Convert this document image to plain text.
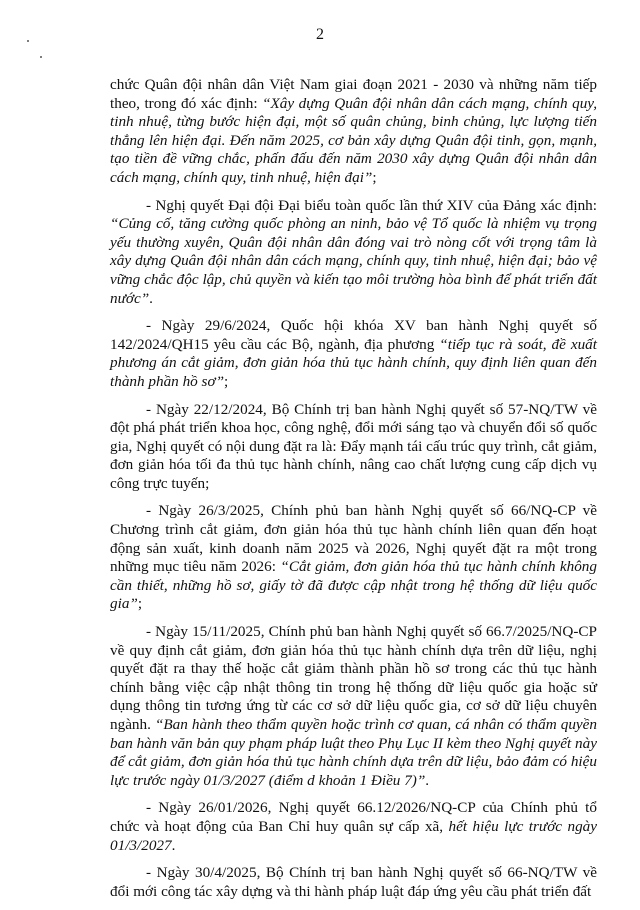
2

chức Quân đội nhân dân Việt Nam giai đoạn 2021 - 2030 và những năm tiếp theo, trong đó xác định: “Xây dựng Quân đội nhân dân cách mạng, chính quy, tinh nhuệ, từng bước hiện đại, một số quân chủng, binh chủng, lực lượng tiến thẳng lên hiện đại. Đến năm 2025, cơ bản xây dựng Quân đội tinh, gọn, mạnh, tạo tiền đề vững chắc, phấn đấu đến năm 2030 xây dựng Quân đội nhân dân cách mạng, chính quy, tinh nhuệ, hiện đại”;

- Nghị quyết Đại đội Đại biểu toàn quốc lần thứ XIV của Đảng xác định: “Củng cố, tăng cường quốc phòng an ninh, bảo vệ Tổ quốc là nhiệm vụ trọng yếu thường xuyên, Quân đội nhân dân đóng vai trò nòng cốt với trọng tâm là xây dựng Quân đội nhân dân cách mạng, chính quy, tinh nhuệ, hiện đại; bảo vệ vững chắc độc lập, chủ quyền và kiến tạo môi trường hòa bình để phát triển đất nước”.

- Ngày 29/6/2024, Quốc hội khóa XV ban hành Nghị quyết số 142/2024/QH15 yêu cầu các Bộ, ngành, địa phương “tiếp tục rà soát, đề xuất phương án cắt giảm, đơn giản hóa thủ tục hành chính, quy định liên quan đến thành phần hồ sơ”;

- Ngày 22/12/2024, Bộ Chính trị ban hành Nghị quyết số 57-NQ/TW về đột phá phát triển khoa học, công nghệ, đổi mới sáng tạo và chuyển đổi số quốc gia, Nghị quyết có nội dung đặt ra là: Đẩy mạnh tái cấu trúc quy trình, cắt giảm, đơn giản hóa tối đa thủ tục hành chính, nâng cao chất lượng cung cấp dịch vụ công trực tuyến;

- Ngày 26/3/2025, Chính phủ ban hành Nghị quyết số 66/NQ-CP về Chương trình cắt giảm, đơn giản hóa thủ tục hành chính liên quan đến hoạt động sản xuất, kinh doanh năm 2025 và 2026, Nghị quyết đặt ra một trong những mục tiêu năm 2026: “Cắt giảm, đơn giản hóa thủ tục hành chính không cần thiết, những hồ sơ, giấy tờ đã được cập nhật trong hệ thống dữ liệu quốc gia”;

- Ngày 15/11/2025, Chính phủ ban hành Nghị quyết số 66.7/2025/NQ-CP về quy định cắt giảm, đơn giản hóa thủ tục hành chính dựa trên dữ liệu, nghị quyết đặt ra thay thế hoặc cắt giảm thành phần hồ sơ trong các thủ tục hành chính bằng việc cập nhật thông tin trong hệ thống dữ liệu quốc gia hoặc sử dụng thông tin tương ứng từ các cơ sở dữ liệu quốc gia, cơ sở dữ liệu chuyên ngành. “Ban hành theo thẩm quyền hoặc trình cơ quan, cá nhân có thẩm quyền ban hành văn bản quy phạm pháp luật theo Phụ Lục II kèm theo Nghị quyết này để cắt giảm, đơn giản hóa thủ tục hành chính dựa trên dữ liệu, bảo đảm có hiệu lực trước ngày 01/3/2027 (điểm d khoản 1 Điều 7)”.

- Ngày 26/01/2026, Nghị quyết 66.12/2026/NQ-CP của Chính phủ tổ chức và hoạt động của Ban Chỉ huy quân sự cấp xã, hết hiệu lực trước ngày 01/3/2027.

- Ngày 30/4/2025, Bộ Chính trị ban hành Nghị quyết số 66-NQ/TW về đổi mới công tác xây dựng và thi hành pháp luật đáp ứng yêu cầu phát triển đất
